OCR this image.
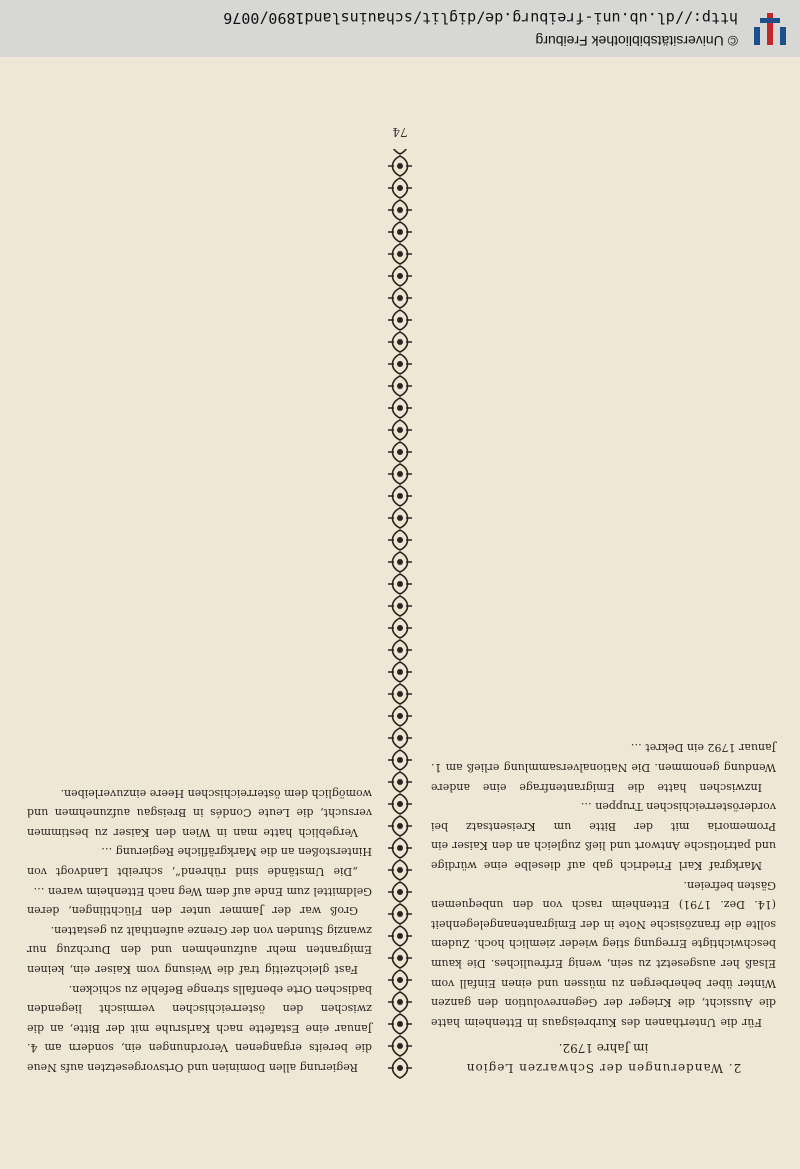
http://dl.ub.uni-freiburg.de/diglit/schauinsland1890/0076
© Universitätsbibliothek Freiburg
74

2. Wanderungen der Schwarzen Legion

im Jahre 1792.

Für die Unterthanen des Kurbreisgaus in Ettenheim hatte die Aussicht, die Krieger der Gegenrevolution den ganzen Winter über beherbergen zu müssen und einen Einfall vom Elsaß her ausgesetzt zu sein, wenig Erfreuliches. Die kaum beschwichtigte Erregung stieg wieder ziemlich hoch. Zudem sollte die französische Note in der Emigrantenangelegenheit (14. Dez. 1791) Ettenheim rasch von den unbequemen Gästen befreien.

Markgraf Karl Friedrich gab auf dieselbe eine würdige und patriotische Antwort und ließ zugleich an den Kaiser ein Promemoria mit der Bitte um Kreisentsatz bei vorderösterreichischen Truppen …

Inzwischen hatte die Emigrantenfrage eine andere Wendung genommen. Die Nationalversammlung erließ am 1. Januar 1792 ein Dekret …

Regierung allen Dominien und Ortsvorgesetzten aufs Neue die bereits ergangenen Verordnungen ein, sondern am 4. Januar eine Estafette nach Karlsruhe mit der Bitte, an die zwischen den österreichischen vermischt liegenden badischen Orte ebenfalls strenge Befehle zu schicken.

Fast gleichzeitig traf die Weisung vom Kaiser ein, keinen Emigranten mehr aufzunehmen und den Durchzug nur zwanzig Stunden von der Grenze aufenthalt zu gestatten.

Groß war der Jammer unter den Flüchtlingen, deren Geldmittel zum Ende auf dem Weg nach Ettenheim waren …

„Die Umstände sind rührend“, schreibt Landvogt von Hinterstoßen an die Markgräfliche Regierung …

Vergeblich hatte man in Wien den Kaiser zu bestimmen versucht, die Leute Condés in Breisgau aufzunehmen und womöglich dem österreichischen Heere einzuverleiben.
